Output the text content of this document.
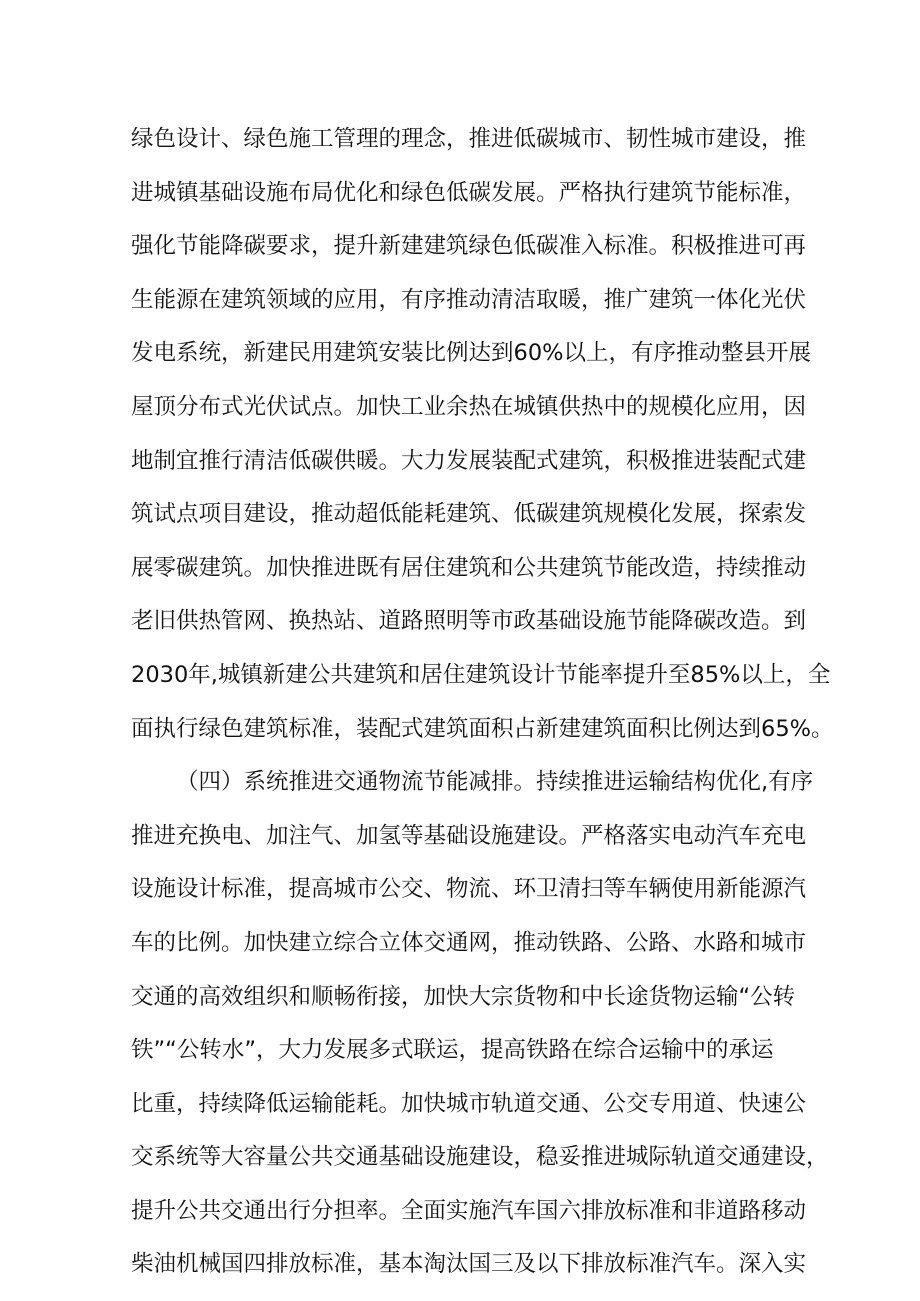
绿色设计、绿色施工管理的理念，推进低碳城市、韧性城市建设，推
进城镇基础设施布局优化和绿色低碳发展。严格执行建筑节能标准，
强化节能降碳要求，提升新建建筑绿色低碳准入标准。积极推进可再
生能源在建筑领域的应用，有序推动清洁取暖，推广建筑一体化光伏
发电系统，新建民用建筑安装比例达到60%以上，有序推动整县开展
屋顶分布式光伏试点。加快工业余热在城镇供热中的规模化应用，因
地制宜推行清洁低碳供暖。大力发展装配式建筑，积极推进装配式建
筑试点项目建设，推动超低能耗建筑、低碳建筑规模化发展，探索发
展零碳建筑。加快推进既有居住建筑和公共建筑节能改造，持续推动
老旧供热管网、换热站、道路照明等市政基础设施节能降碳改造。到
2030年,城镇新建公共建筑和居住建筑设计节能率提升至85%以上，全
面执行绿色建筑标准，装配式建筑面积占新建建筑面积比例达到65%。
（四）系统推进交通物流节能减排。持续推进运输结构优化,有序
推进充换电、加注气、加氢等基础设施建设。严格落实电动汽车充电
设施设计标准，提高城市公交、物流、环卫清扫等车辆使用新能源汽
车的比例。加快建立综合立体交通网，推动铁路、公路、水路和城市
交通的高效组织和顺畅衔接，加快大宗货物和中长途货物运输“公转
铁”“公转水”，大力发展多式联运，提高铁路在综合运输中的承运
比重，持续降低运输能耗。加快城市轨道交通、公交专用道、快速公
交系统等大容量公共交通基础设施建设，稳妥推进城际轨道交通建设，
提升公共交通出行分担率。全面实施汽车国六排放标准和非道路移动
柴油机械国四排放标准，基本淘汰国三及以下排放标准汽车。深入实
